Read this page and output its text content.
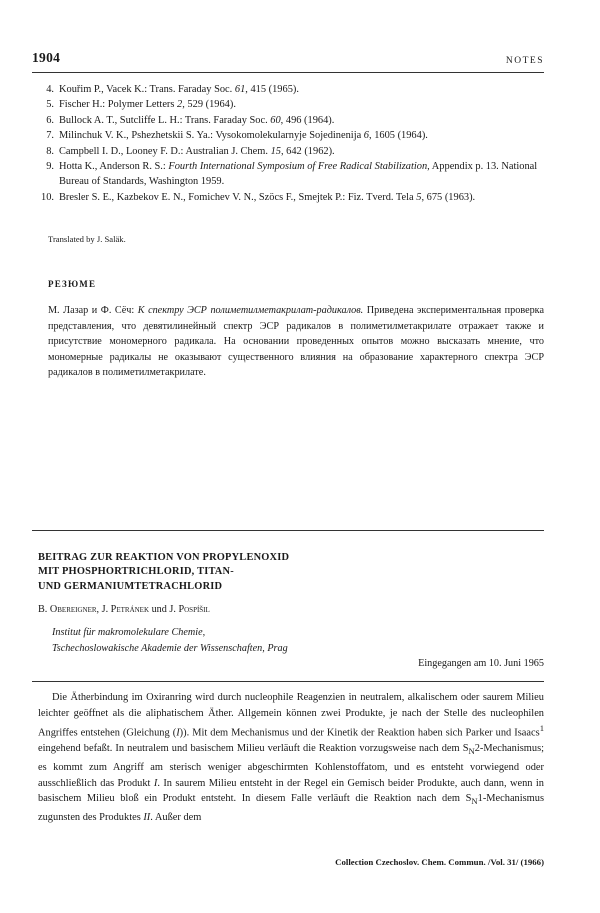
1904	NOTES
4. Kouřim P., Vacek K.: Trans. Faraday Soc. 61, 415 (1965).
5. Fischer H.: Polymer Letters 2, 529 (1964).
6. Bullock A. T., Sutcliffe L. H.: Trans. Faraday Soc. 60, 496 (1964).
7. Milinchuk V. K., Pshezhetskii S. Ya.: Vysokomolekularnyje Sojedinenija 6, 1605 (1964).
8. Campbell I. D., Looney F. D.: Australian J. Chem. 15, 642 (1962).
9. Hotta K., Anderson R. S.: Fourth International Symposium of Free Radical Stabilization, Appendix p. 13. National Bureau of Standards, Washington 1959.
10. Bresler S. E., Kazbekov E. N., Fomichev V. N., Szöcs F., Smejtek P.: Fiz. Tverd. Tela 5, 675 (1963).
Translated by J. Saläk.
РЕЗЮМЕ
М. Лазар и Ф. Сёч: К спектру ЭСР полиметилметакрилат-радикалов. Приведена экспериментальная проверка представления, что девятилинейный спектр ЭСР радикалов в полиметилметакрилате отражает также и присутствие мономерного радикала. На основании проведенных опытов можно высказать мнение, что мономерные радикалы не оказывают существенного влияния на образование характерного спектра ЭСР радикалов в полиметилметакрилате.
BEITRAG ZUR REAKTION VON PROPYLENOXID
MIT PHOSPHORTRICHLORID, TITAN-
UND GERMANIUMTETRACHLORID
B. Obereigner, J. Petránek und J. Pospíšil
Institut für makromolekulare Chemie,
Tschechoslowakische Akademie der Wissenschaften, Prag
Eingegangen am 10. Juni 1965

Die Ätherbindung im Oxiranring wird durch nucleophile Reagenzien in neutralem, alkalischem oder saurem Milieu leichter geöffnet als die aliphatischem Äther. Allgemein können zwei Produkte, je nach der Stelle des nucleophilen Angriffes entstehen (Gleichung (I)). Mit dem Mechanismus und der Kinetik der Reaktion haben sich Parker und Isaacs$^1$ eingehend befaßt. In neutralem und basischem Milieu verläuft die Reaktion vorzugsweise nach dem $S_N2$-Mechanismus; es kommt zum Angriff am sterisch weniger abgeschirmten Kohlenstoffatom, und es entsteht vorwiegend oder ausschließlich das Produkt I. In saurem Milieu entsteht in der Regel ein Gemisch beider Produkte, auch dann, wenn in basischem Milieu bloß ein Produkt entsteht. In diesem Falle verläuft die Reaktion nach dem $S_N1$-Mechanismus zugunsten des Produktes II. Außer dem

Collection Czechoslov. Chem. Commun. /Vol. 31/ (1966)
